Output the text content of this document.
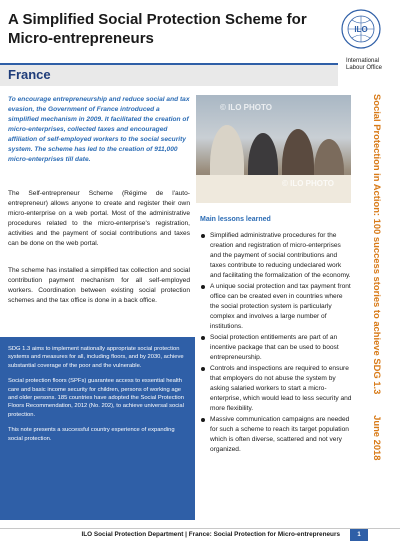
A Simplified Social Protection Scheme for Micro-entrepreneurs
ILO
International Labour Office
France
To encourage entrepreneurship and reduce social and tax evasion, the Government of France introduced a simplified mechanism in 2009. It facilitated the creation of micro-enterprises, collected taxes and encouraged affiliation of self-employed workers to the social security system. The scheme has led to the creation of 911,000 micro-enterprises till date.
The Self-entrepreneur Scheme (Régime de l'auto-entrepreneur) allows anyone to create and register their own micro-enterprise on a web portal. Most of the administrative procedures related to the micro-enterprise's registration, activities and the payment of social contributions and taxes can be done on the web portal.
The scheme has installed a simplified tax collection and social contribution payment mechanism for all self-employed workers. Coordination between existing social protection schemes and the tax office is done in a back office.
© ILO PHOTO
© ILO PHOTO	Social Protection in Action: 100 success stories to achieve SDG 1.3        June 2018

SDG 1.3 aims to implement nationally appropriate social protection systems and measures for all, including floors, and by 2030, achieve substantial coverage of the poor and the vulnerable.

Social protection floors (SPFs) guarantee access to essential health care and basic income security for children, persons of working age and older persons. 185 countries have adopted the Social Protection Floors Recommendation, 2012 (No. 202), to achieve universal social protection.

This note presents a successful country experience of expanding social protection.

Main lessons learned
Simplified administrative procedures for the creation and registration of micro-enterprises and the payment of social contributions and taxes contribute to reducing undeclared work and facilitating the formalization of the economy.
A unique social protection and tax payment front office can be created even in countries where the social protection system is particularly complex and involves a large number of institutions.
Social protection entitlements are part of an incentive package that can be used to boost entrepreneurship.
Controls and inspections are required to ensure that employers do not abuse the system by asking salaried workers to start a micro-enterprise, which would lead to less security and more flexibility.
Massive communication campaigns are needed for such a scheme to reach its target population which is often diverse, scattered and not very organized.
ILO Social Protection Department | France: Social Protection for Micro-entrepreneurs	1
